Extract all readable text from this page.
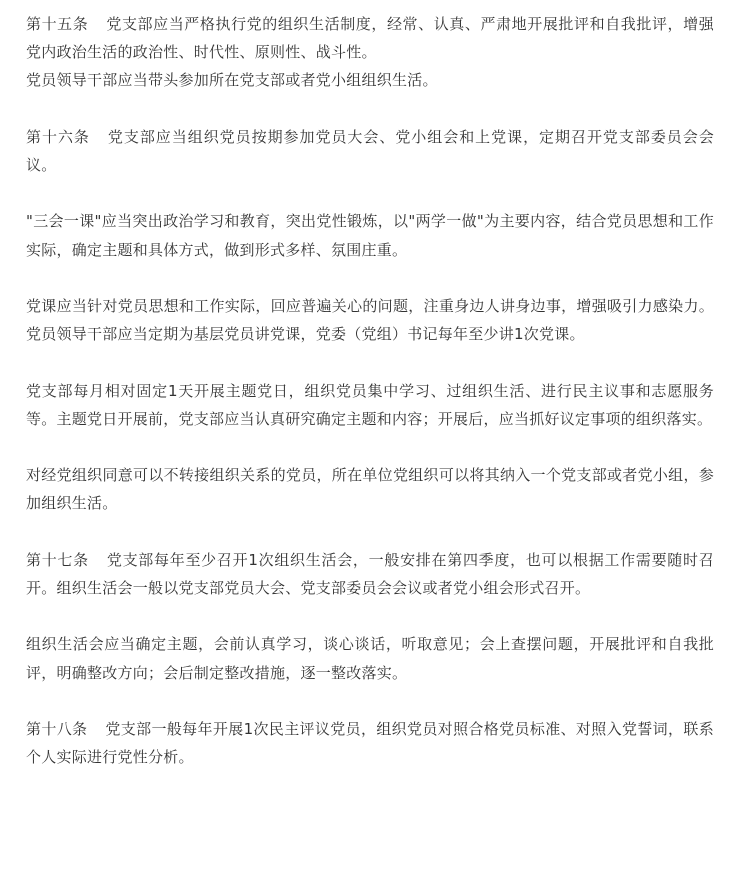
第十五条 党支部应当严格执行党的组织生活制度，经常、认真、严肃地开展批评和自我批评，增强党内政治生活的政治性、时代性、原则性、战斗性。

党员领导干部应当带头参加所在党支部或者党小组组织生活。

第十六条 党支部应当组织党员按期参加党员大会、党小组会和上党课，定期召开党支部委员会会议。

"三会一课"应当突出政治学习和教育，突出党性锻炼，以"两学一做"为主要内容，结合党员思想和工作实际，确定主题和具体方式，做到形式多样、氛围庄重。

党课应当针对党员思想和工作实际，回应普遍关心的问题，注重身边人讲身边事，增强吸引力感染力。党员领导干部应当定期为基层党员讲党课，党委（党组）书记每年至少讲1次党课。

党支部每月相对固定1天开展主题党日，组织党员集中学习、过组织生活、进行民主议事和志愿服务等。主题党日开展前，党支部应当认真研究确定主题和内容；开展后，应当抓好议定事项的组织落实。

对经党组织同意可以不转接组织关系的党员，所在单位党组织可以将其纳入一个党支部或者党小组，参加组织生活。

第十七条 党支部每年至少召开1次组织生活会，一般安排在第四季度，也可以根据工作需要随时召开。组织生活会一般以党支部党员大会、党支部委员会会议或者党小组会形式召开。

组织生活会应当确定主题，会前认真学习，谈心谈话，听取意见；会上查摆问题，开展批评和自我批评，明确整改方向；会后制定整改措施，逐一整改落实。

第十八条 党支部一般每年开展1次民主评议党员，组织党员对照合格党员标准、对照入党誓词，联系个人实际进行党性分析。
